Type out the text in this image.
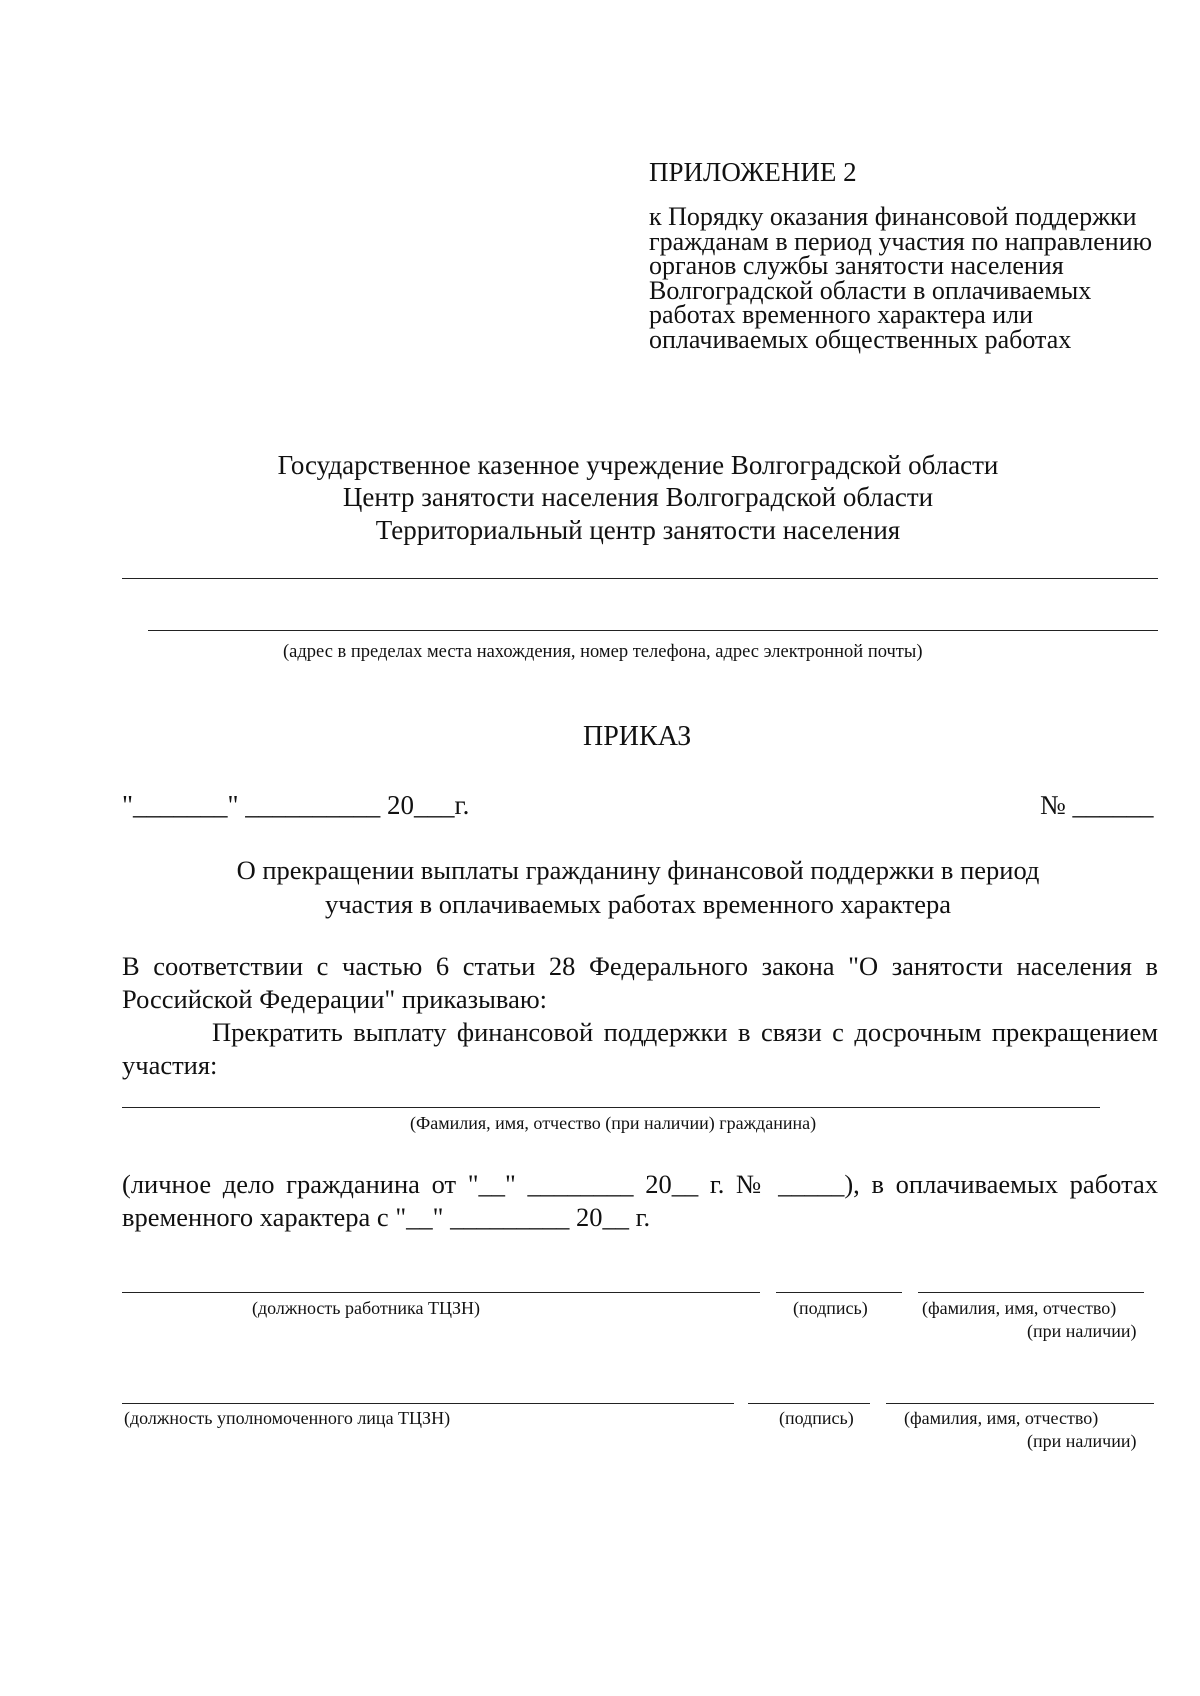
ПРИЛОЖЕНИЕ 2
к Порядку оказания финансовой поддержки гражданам в период участия по направлению органов службы занятости населения Волгоградской области в оплачиваемых работах временного характера или оплачиваемых общественных работах
Государственное казенное учреждение Волгоградской области
Центр занятости населения Волгоградской области
Территориальный центр занятости населения
(адрес в пределах места нахождения, номер телефона, адрес электронной почты)
ПРИКАЗ
"_______" __________ 20___г.	№ ______
О прекращении выплаты гражданину финансовой поддержки в период
участия в оплачиваемых работах временного характера
В соответствии с частью 6 статьи 28 Федерального закона "О занятости населения в Российской Федерации" приказываю:
Прекратить выплату финансовой поддержки в связи с досрочным прекращением участия:
(Фамилия, имя, отчество (при наличии) гражданина)
(личное дело гражданина от "__" ________ 20__ г. № _____), в оплачиваемых работах временного характера с "__" _________ 20__ г.
(должность работника ТЦЗН)	(подпись)	(фамилия, имя, отчество)
(при наличии)
(должность уполномоченного лица ТЦЗН)	(подпись)	(фамилия, имя, отчество)
(при наличии)
